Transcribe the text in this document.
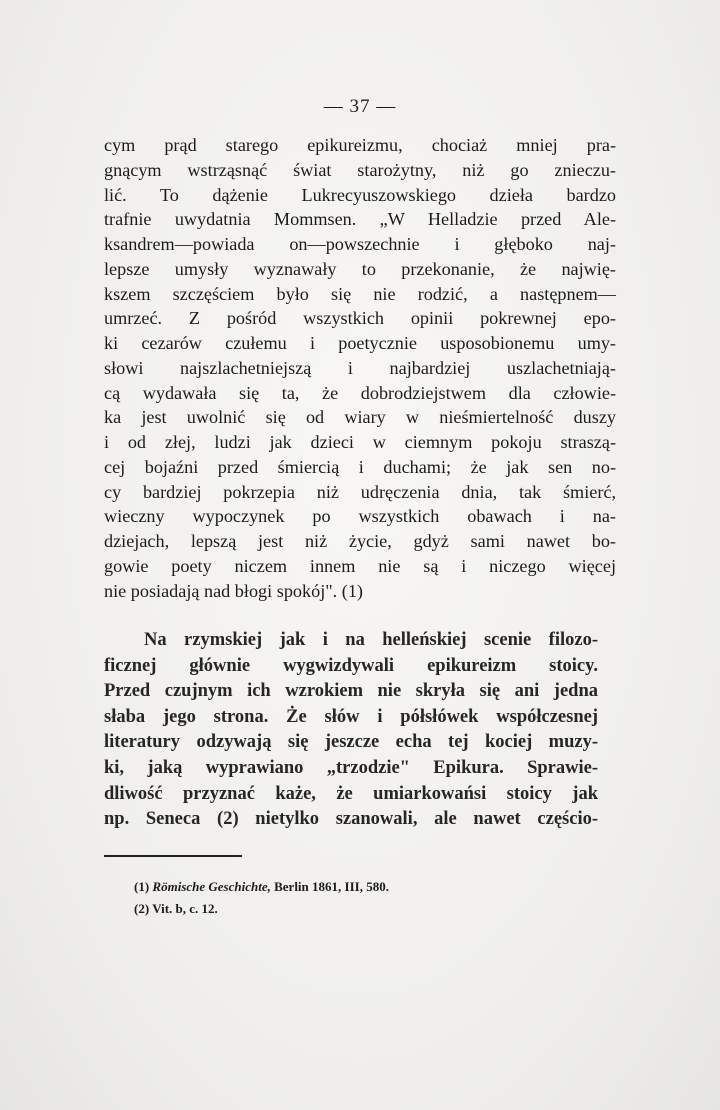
— 37 —
cym prąd starego epikureizmu, chociaż mniej pra-
gnącym wstrząsnąć świat starożytny, niż go znieczu-
lić. To dążenie Lukrecyuszowskiego dzieła bardzo
trafnie uwydatnia Mommsen. „W Helladzie przed Ale-
ksandrem—powiada on—powszechnie i głęboko naj-
lepsze umysły wyznawały to przekonanie, że najwię-
kszem szczęściem było się nie rodzić, a następnem—
umrzeć. Z pośród wszystkich opinii pokrewnej epo-
ki cezarów czułemu i poetycznie usposobionemu umy-
słowi najszlachetniejszą i najbardziej uszlachetniają-
cą wydawała się ta, że dobrodziejstwem dla człowie-
ka jest uwolnić się od wiary w nieśmiertelność duszy
i od złej, ludzi jak dzieci w ciemnym pokoju straszą-
cej bojaźni przed śmiercią i duchami; że jak sen no-
cy bardziej pokrzepia niż udręczenia dnia, tak śmierć,
wieczny wypoczynek po wszystkich obawach i na-
dziejach, lepszą jest niż życie, gdyż sami nawet bo-
gowie poety niczem innem nie są i niczego więcej
nie posiadają nad błogi spokój". (1)
Na rzymskiej jak i na helleńskiej scenie filozo-
ficznej głównie wygwizdywali epikureizm stoicy.
Przed czujnym ich wzrokiem nie skryła się ani jedna
słaba jego strona. Że słów i półsłówek współczesnej
literatury odzywają się jeszcze echa tej kociej muzy-
ki, jaką wyprawiano „trzodzie" Epikura. Sprawie-
dliwość przyznać każe, że umiarkowańsi stoicy jak
np. Seneca (2) nietylko szanowali, ale nawet częścio-
(1) Römische Geschichte, Berlin 1861, III, 580.
(2) Vit. b, c. 12.
